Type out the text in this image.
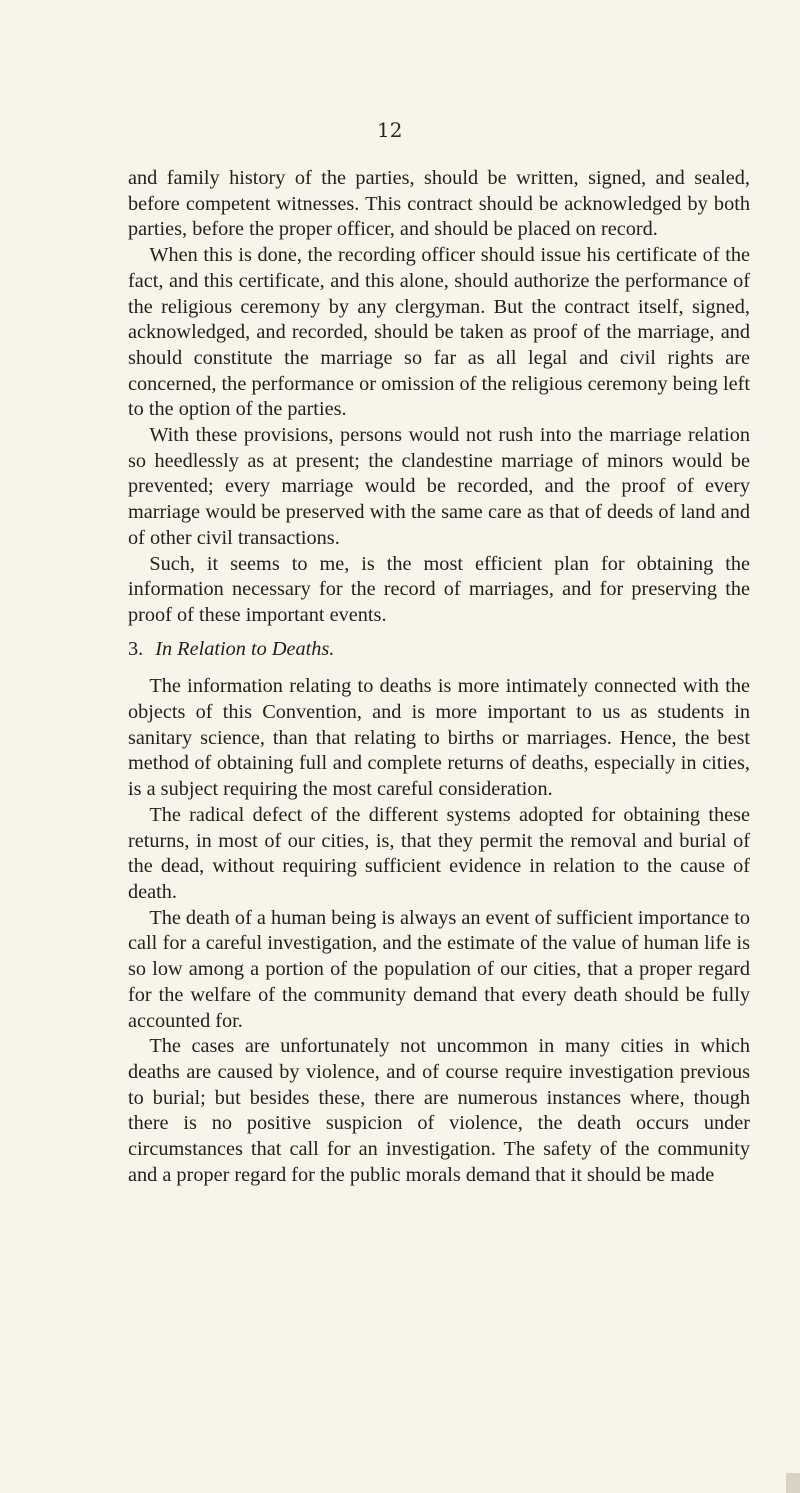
12

and family history of the parties, should be written, signed, and sealed, before competent witnesses. This contract should be acknowledged by both parties, before the proper officer, and should be placed on record.

When this is done, the recording officer should issue his certificate of the fact, and this certificate, and this alone, should authorize the performance of the religious ceremony by any clergyman. But the contract itself, signed, acknowledged, and recorded, should be taken as proof of the marriage, and should constitute the marriage so far as all legal and civil rights are concerned, the performance or omission of the religious ceremony being left to the option of the parties.

With these provisions, persons would not rush into the marriage relation so heedlessly as at present; the clandestine marriage of minors would be prevented; every marriage would be recorded, and the proof of every marriage would be preserved with the same care as that of deeds of land and of other civil transactions.

Such, it seems to me, is the most efficient plan for obtaining the information necessary for the record of marriages, and for preserving the proof of these important events.

3. In Relation to Deaths.

The information relating to deaths is more intimately connected with the objects of this Convention, and is more important to us as students in sanitary science, than that relating to births or marriages. Hence, the best method of obtaining full and complete returns of deaths, especially in cities, is a subject requiring the most careful consideration.

The radical defect of the different systems adopted for obtaining these returns, in most of our cities, is, that they permit the removal and burial of the dead, without requiring sufficient evidence in relation to the cause of death.

The death of a human being is always an event of sufficient importance to call for a careful investigation, and the estimate of the value of human life is so low among a portion of the population of our cities, that a proper regard for the welfare of the community demand that every death should be fully accounted for.

The cases are unfortunately not uncommon in many cities in which deaths are caused by violence, and of course require investigation previous to burial; but besides these, there are numerous instances where, though there is no positive suspicion of violence, the death occurs under circumstances that call for an investigation. The safety of the community and a proper regard for the public morals demand that it should be made
